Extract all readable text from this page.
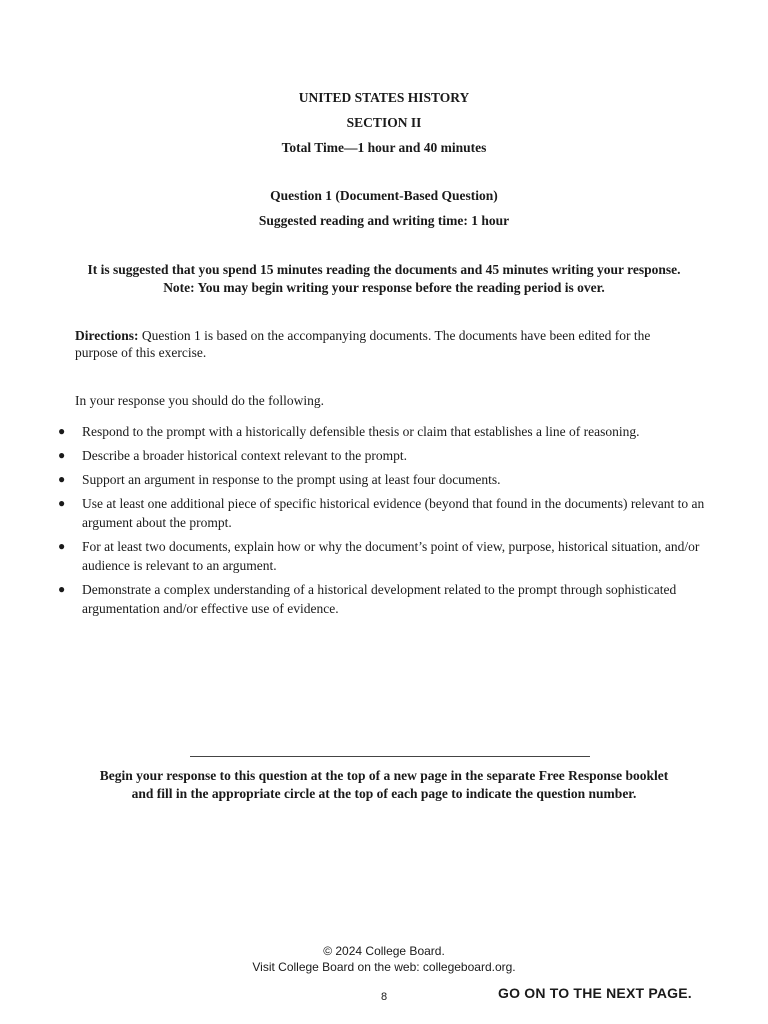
UNITED STATES HISTORY
SECTION II
Total Time—1 hour and 40 minutes
Question 1 (Document-Based Question)
Suggested reading and writing time: 1 hour
It is suggested that you spend 15 minutes reading the documents and 45 minutes writing your response.
Note: You may begin writing your response before the reading period is over.
Directions: Question 1 is based on the accompanying documents. The documents have been edited for the purpose of this exercise.
In your response you should do the following.
● Respond to the prompt with a historically defensible thesis or claim that establishes a line of reasoning.
● Describe a broader historical context relevant to the prompt.
● Support an argument in response to the prompt using at least four documents.
● Use at least one additional piece of specific historical evidence (beyond that found in the documents) relevant to an argument about the prompt.
● For at least two documents, explain how or why the document’s point of view, purpose, historical situation, and/or audience is relevant to an argument.
● Demonstrate a complex understanding of a historical development related to the prompt through sophisticated argumentation and/or effective use of evidence.
Begin your response to this question at the top of a new page in the separate Free Response booklet
and fill in the appropriate circle at the top of each page to indicate the question number.
© 2024 College Board.
Visit College Board on the web: collegeboard.org.
8	GO ON TO THE NEXT PAGE.
